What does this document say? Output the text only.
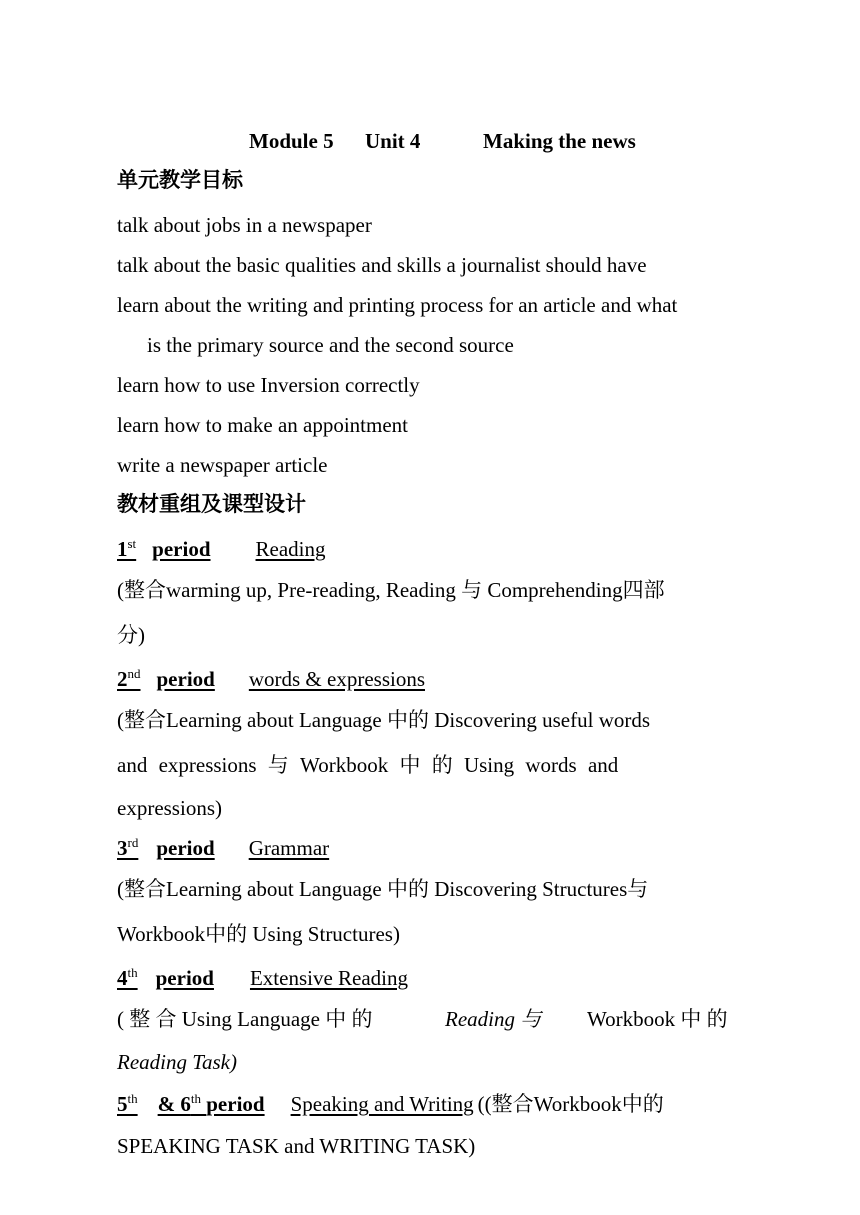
Module 5 Unit 4	Making the news
单元教学目标
talk about jobs in a newspaper
talk about the basic qualities and skills a journalist should have
learn about the writing and printing process for an article and what
is the primary source and the second source
learn how to use Inversion correctly
learn how to make an appointment
write a newspaper article
教材重组及课型设计
1st period Reading
(整合warming up, Pre-reading, Reading 与 Comprehending四部
分)
2nd period words & expressions
(整合Learning about Language 中的 Discovering useful words
and expressions 与 Workbook 中 的 Using words and
expressions)
3rd period Grammar
(整合Learning about Language 中的 Discovering Structures与
Workbook中的 Using Structures)
4th period Extensive Reading
( 整 合 Using Language 中 的	Reading 与 Workbook 中 的
Reading Task)
5th & 6th period Speaking and Writing ((整合Workbook中的
SPEAKING TASK and WRITING TASK)
